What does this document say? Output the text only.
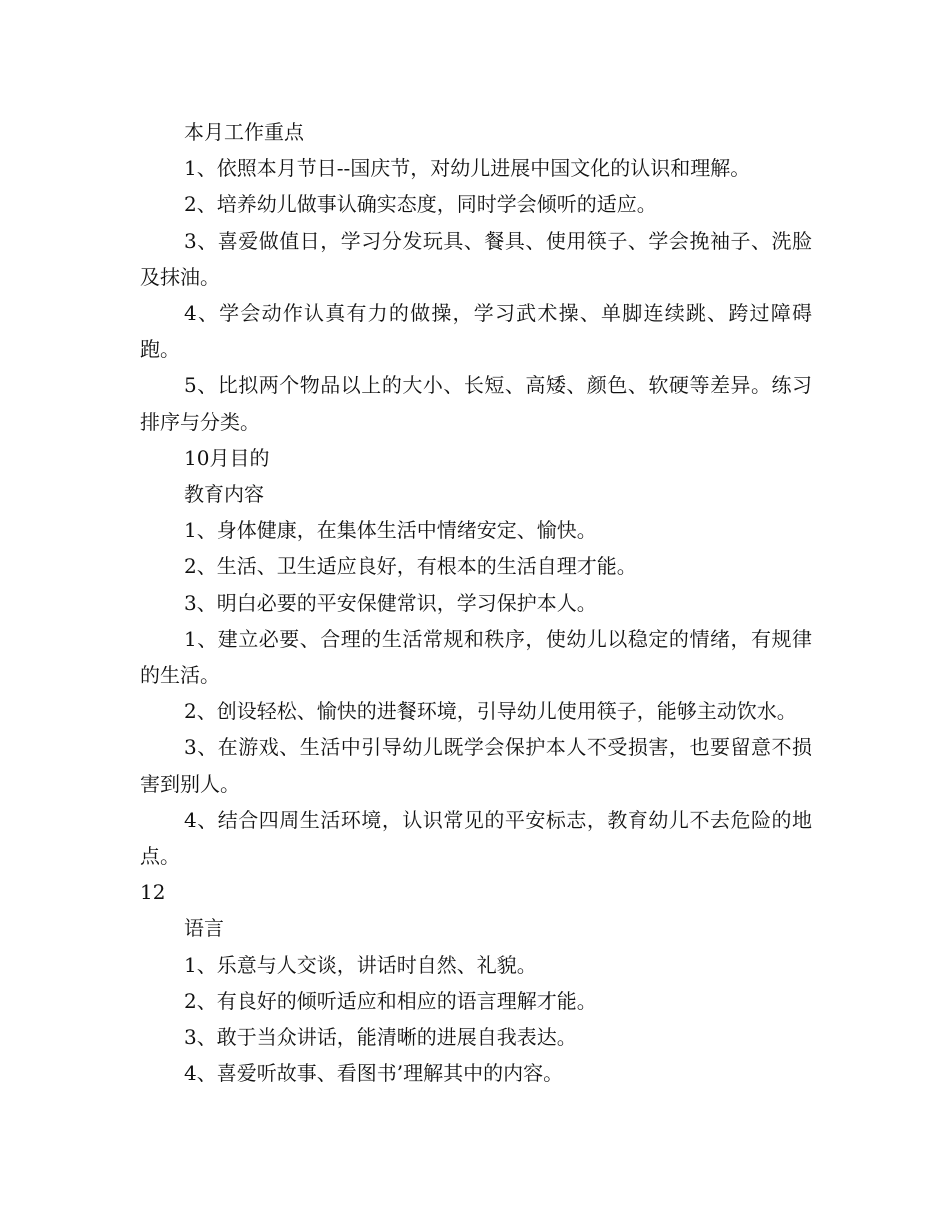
本月工作重点

1、依照本月节日--国庆节，对幼儿进展中国文化的认识和理解。

2、培养幼儿做事认确实态度，同时学会倾听的适应。

3、喜爱做值日，学习分发玩具、餐具、使用筷子、学会挽袖子、洗脸及抹油。

4、学会动作认真有力的做操，学习武术操、单脚连续跳、跨过障碍跑。

5、比拟两个物品以上的大小、长短、高矮、颜色、软硬等差异。练习排序与分类。

10月目的

教育内容

1、身体健康，在集体生活中情绪安定、愉快。

2、生活、卫生适应良好，有根本的生活自理才能。

3、明白必要的平安保健常识，学习保护本人。

1、建立必要、合理的生活常规和秩序，使幼儿以稳定的情绪，有规律的生活。

2、创设轻松、愉快的进餐环境，引导幼儿使用筷子，能够主动饮水。

3、在游戏、生活中引导幼儿既学会保护本人不受损害，也要留意不损害到别人。

4、结合四周生活环境，认识常见的平安标志，教育幼儿不去危险的地点。

12

语言

1、乐意与人交谈，讲话时自然、礼貌。

2、有良好的倾听适应和相应的语言理解才能。

3、敢于当众讲话，能清晰的进展自我表达。

4、喜爱听故事、看图书’理解其中的内容。
